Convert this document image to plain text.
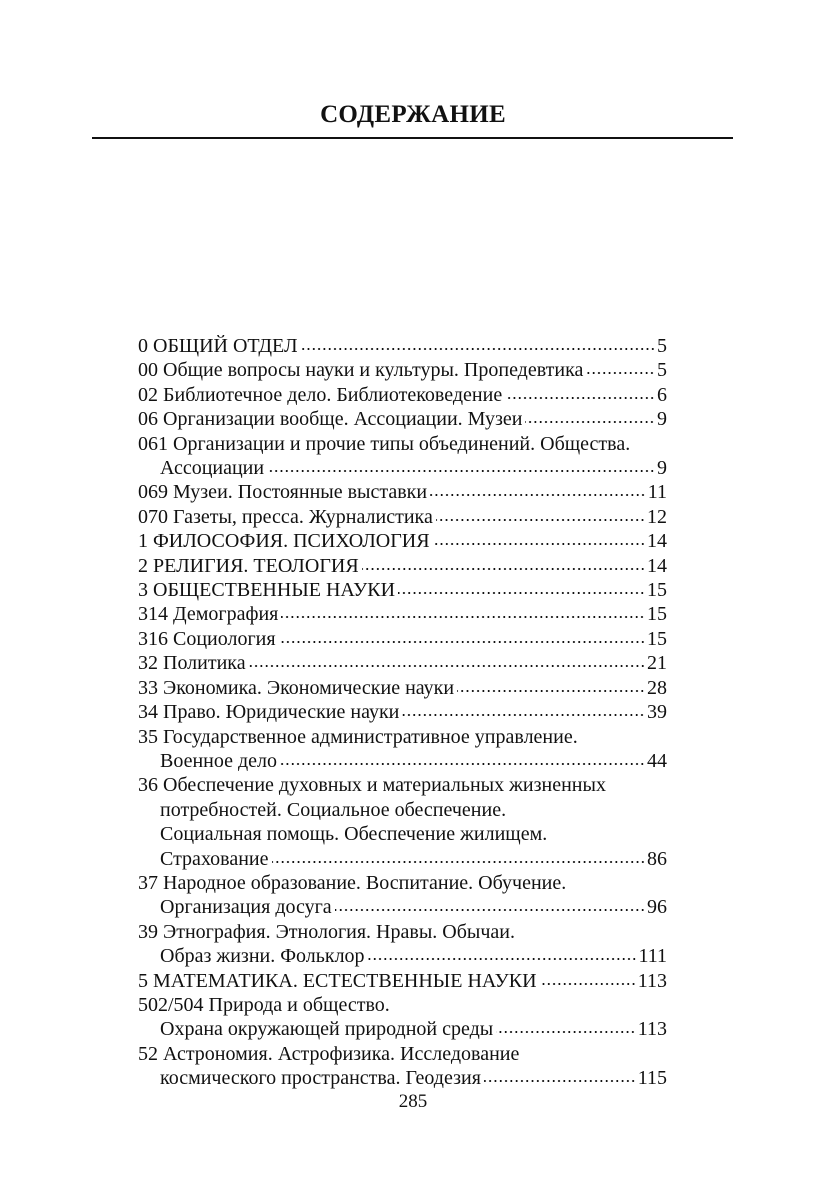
СОДЕРЖАНИЕ
0 ОБЩИЙ ОТДЕЛ	5
00 Общие вопросы науки и культуры. Пропедевтика	5
02 Библиотечное дело. Библиотековедение	6
06 Организации вообще. Ассоциации. Музеи	9
061 Организации и прочие типы объединений. Общества.
Ассоциации	9
069 Музеи. Постоянные выставки	11
070 Газеты, пресса. Журналистика	12
1 ФИЛОСОФИЯ. ПСИХОЛОГИЯ	14
2 РЕЛИГИЯ. ТЕОЛОГИЯ	14
3 ОБЩЕСТВЕННЫЕ НАУКИ	15
314 Демография	15
316 Социология	15
32 Политика	21
33 Экономика. Экономические науки	28
34 Право. Юридические науки	39
35 Государственное административное управление.
Военное дело	44
36 Обеспечение духовных и материальных жизненных
потребностей. Социальное обеспечение.
Социальная помощь. Обеспечение жилищем.
Страхование	86
37 Народное образование. Воспитание. Обучение.
Организация досуга	96
39 Этнография. Этнология. Нравы. Обычаи.
Образ жизни. Фольклор	111
5 МАТЕМАТИКА. ЕСТЕСТВЕННЫЕ НАУКИ	113
502/504 Природа и общество.
Охрана окружающей природной среды	113
52 Астрономия. Астрофизика. Исследование
космического пространства. Геодезия	115
285
